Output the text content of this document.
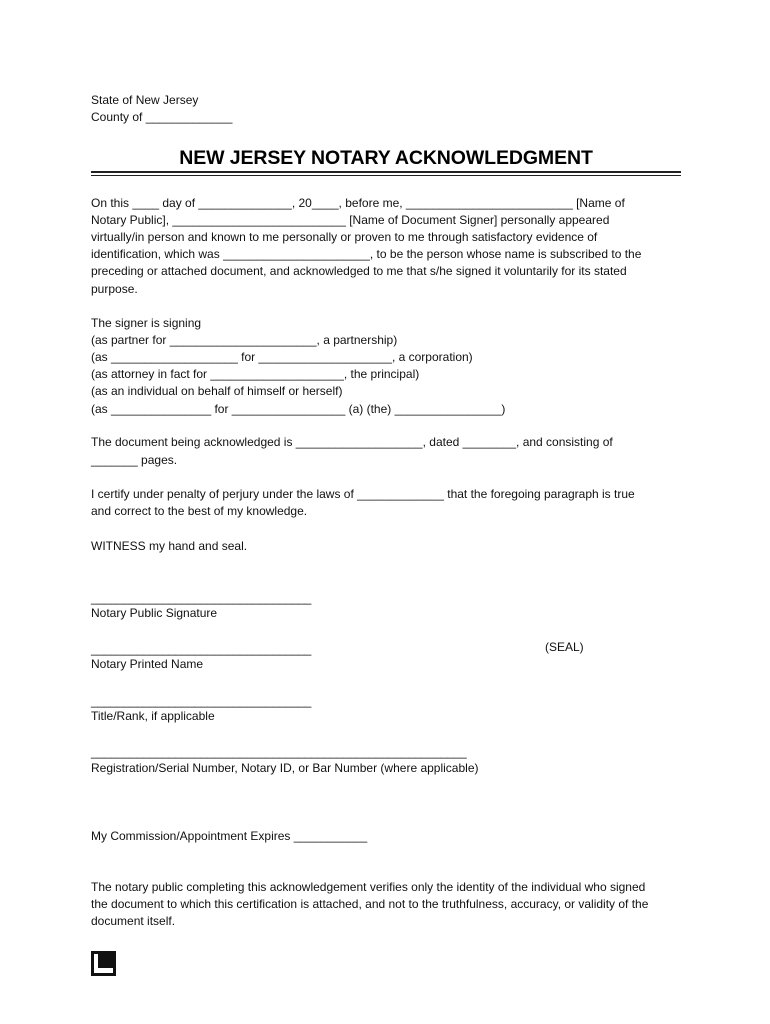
State of New Jersey
County of _____________
NEW JERSEY NOTARY ACKNOWLEDGMENT
On this ____ day of ______________, 20____, before me, _________________________ [Name of
Notary Public], __________________________ [Name of Document Signer] personally appeared
virtually/in person and known to me personally or proven to me through satisfactory evidence of
identification, which was ______________________, to be the person whose name is subscribed to the
preceding or attached document, and acknowledged to me that s/he signed it voluntarily for its stated
purpose.
The signer is signing
(as partner for ______________________, a partnership)
(as ___________________ for ____________________, a corporation)
(as attorney in fact for ____________________, the principal)
(as an individual on behalf of himself or herself)
(as _______________ for _________________ (a) (the) ________________)
The document being acknowledged is ___________________, dated ________, and consisting of
_______ pages.
I certify under penalty of perjury under the laws of _____________ that the foregoing paragraph is true
and correct to the best of my knowledge.
WITNESS my hand and seal.
__________________________________
Notary Public Signature
__________________________________
Notary Printed Name
(SEAL)
__________________________________
Title/Rank, if applicable
__________________________________________________________
Registration/Serial Number, Notary ID, or Bar Number (where applicable)
My Commission/Appointment Expires ___________
The notary public completing this acknowledgement verifies only the identity of the individual who signed
the document to which this certification is attached, and not to the truthfulness, accuracy, or validity of the
document itself.
